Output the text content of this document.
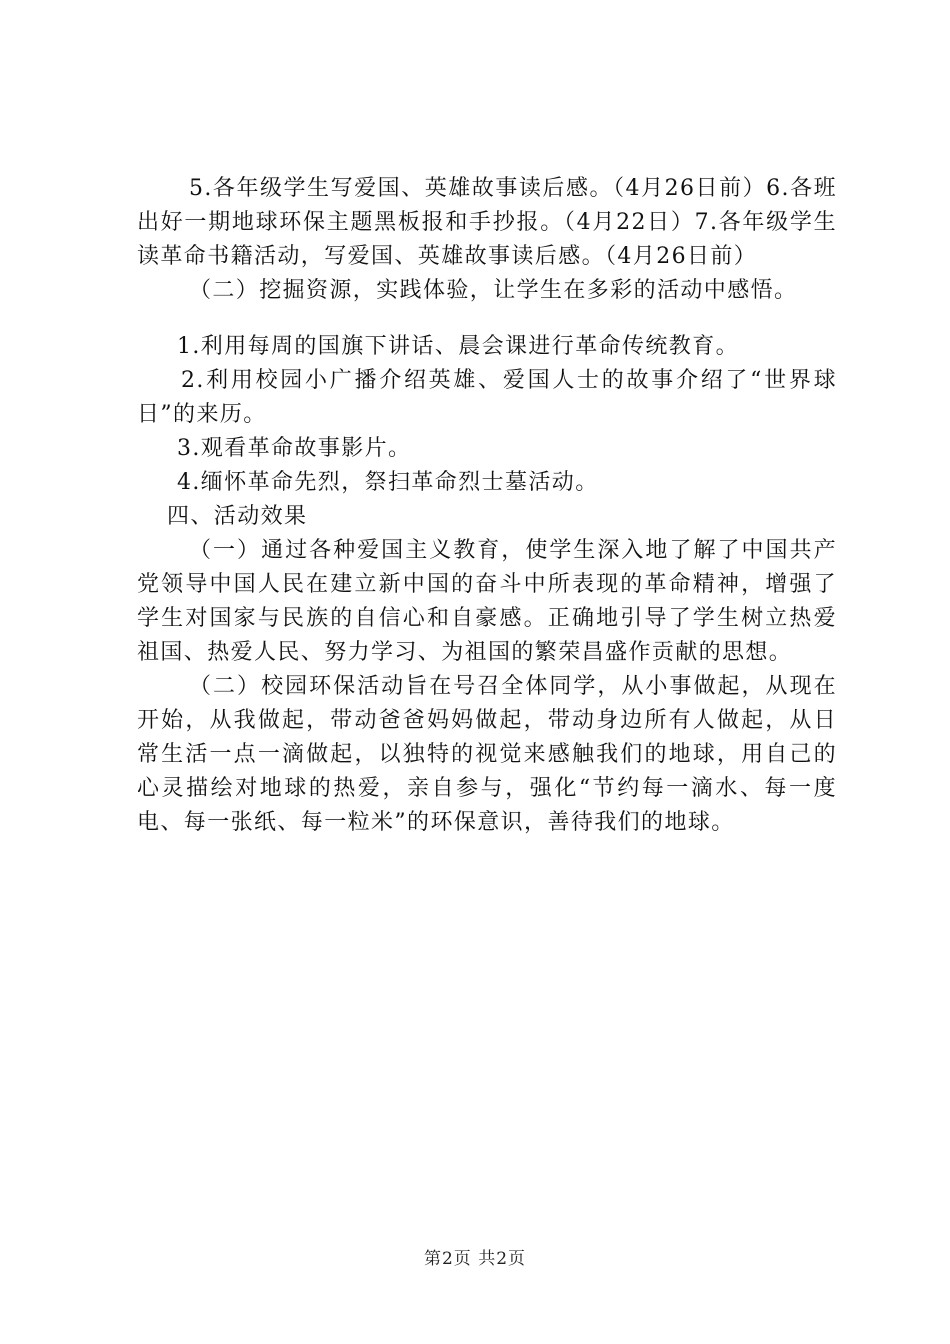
5.各年级学生写爱国、英雄故事读后感。（4月26日前）6.各班出好一期地球环保主题黑板报和手抄报。（4月22日）7.各年级学生读革命书籍活动，写爱国、英雄故事读后感。（4月26日前）

（二）挖掘资源，实践体验，让学生在多彩的活动中感悟。

1.利用每周的国旗下讲话、晨会课进行革命传统教育。

2.利用校园小广播介绍英雄、爱国人士的故事介绍了“世界球日”的来历。

3.观看革命故事影片。

4.缅怀革命先烈，祭扫革命烈士墓活动。

四、活动效果

（一）通过各种爱国主义教育，使学生深入地了解了中国共产党领导中国人民在建立新中国的奋斗中所表现的革命精神，增强了学生对国家与民族的自信心和自豪感。正确地引导了学生树立热爱祖国、热爱人民、努力学习、为祖国的繁荣昌盛作贡献的思想。

（二）校园环保活动旨在号召全体同学，从小事做起，从现在开始，从我做起，带动爸爸妈妈做起，带动身边所有人做起，从日常生活一点一滴做起，以独特的视觉来感触我们的地球，用自己的心灵描绘对地球的热爱，亲自参与，强化“节约每一滴水、每一度电、每一张纸、每一粒米”的环保意识，善待我们的地球。

第2页 共2页
